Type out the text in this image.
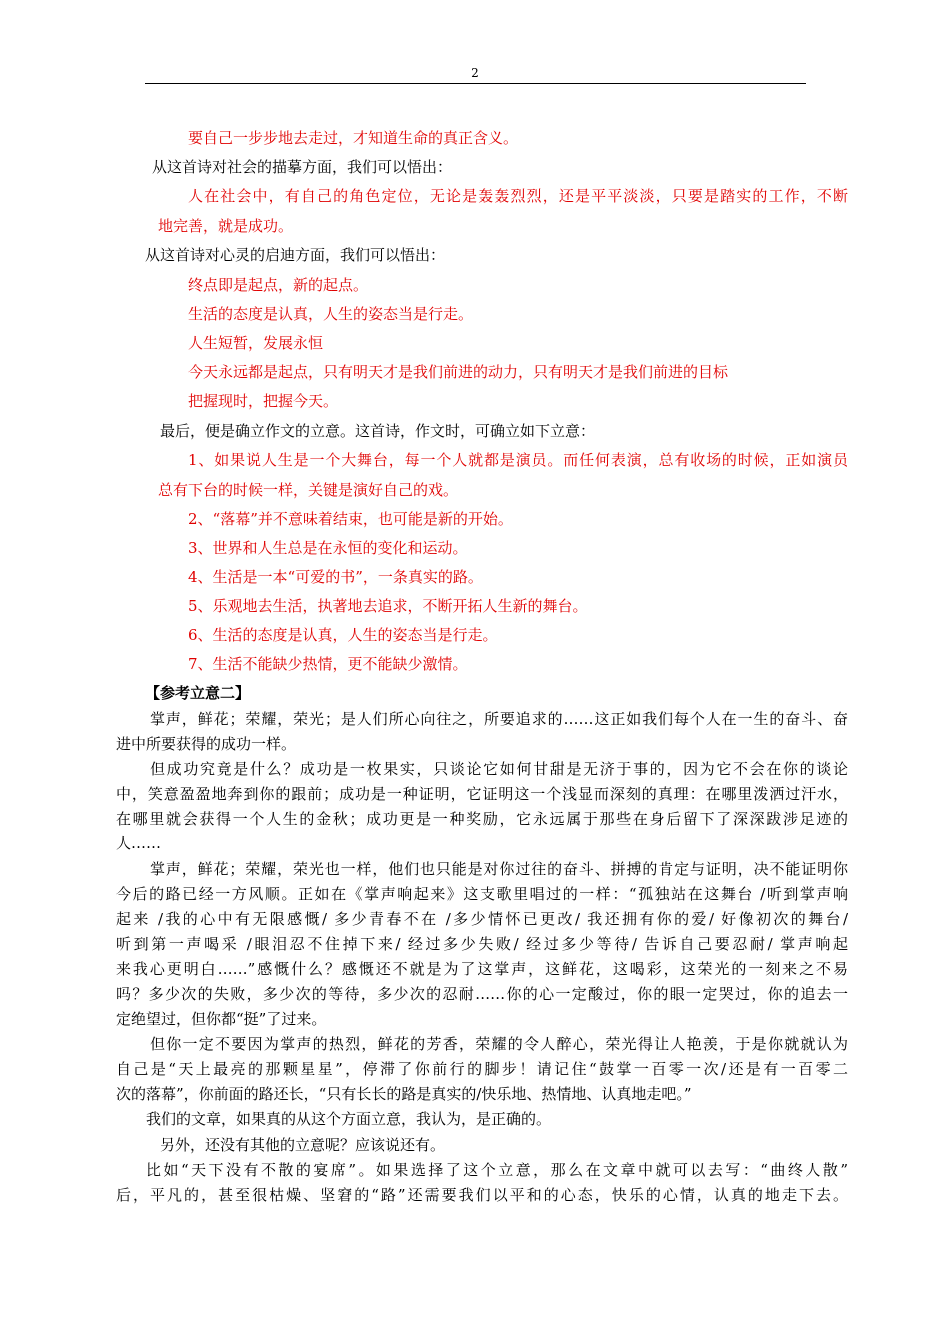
2
要自己一步步地去走过，才知道生命的真正含义。
从这首诗对社会的描摹方面，我们可以悟出：
人在社会中，有自己的角色定位，无论是轰轰烈烈，还是平平淡淡，只要是踏实的工作，不断
地完善，就是成功。
从这首诗对心灵的启迪方面，我们可以悟出：
终点即是起点，新的起点。
生活的态度是认真，人生的姿态当是行走。
人生短暂，发展永恒
今天永远都是起点，只有明天才是我们前进的动力，只有明天才是我们前进的目标
把握现时，把握今天。
最后，便是确立作文的立意。这首诗，作文时，可确立如下立意：
1、如果说人生是一个大舞台，每一个人就都是演员。而任何表演，总有收场的时候，正如演员
总有下台的时候一样，关键是演好自己的戏。
2、“落幕”并不意味着结束，也可能是新的开始。
3、世界和人生总是在永恒的变化和运动。
4、生活是一本“可爱的书”，一条真实的路。
5、乐观地去生活，执著地去追求，不断开拓人生新的舞台。
6、生活的态度是认真，人生的姿态当是行走。
7、生活不能缺少热情，更不能缺少激情。
【参考立意二】
掌声，鲜花；荣耀，荣光；是人们所心向往之，所要追求的……这正如我们每个人在一生的奋斗、奋
进中所要获得的成功一样。
但成功究竟是什么？成功是一枚果实，只谈论它如何甘甜是无济于事的，因为它不会在你的谈论
中，笑意盈盈地奔到你的跟前；成功是一种证明，它证明这一个浅显而深刻的真理：在哪里泼洒过汗水，
在哪里就会获得一个人生的金秋；成功更是一种奖励，它永远属于那些在身后留下了深深跋涉足迹的
人……
掌声，鲜花；荣耀，荣光也一样，他们也只能是对你过往的奋斗、拼搏的肯定与证明，决不能证明你
今后的路已经一方风顺。正如在《掌声响起来》这支歌里唱过的一样：“孤独站在这舞台 /听到掌声响
起来 /我的心中有无限感慨/ 多少青春不在 /多少情怀已更改/ 我还拥有你的爱/ 好像初次的舞台/
听到第一声喝采 /眼泪忍不住掉下来/ 经过多少失败/ 经过多少等待/ 告诉自己要忍耐/ 掌声响起
来我心更明白……”感慨什么？感慨还不就是为了这掌声，这鲜花，这喝彩，这荣光的一刻来之不易
吗？多少次的失败，多少次的等待，多少次的忍耐……你的心一定酸过，你的眼一定哭过，你的追去一
定绝望过，但你都“挺”了过来。
但你一定不要因为掌声的热烈，鲜花的芳香，荣耀的令人醉心，荣光得让人艳羡，于是你就就认为
自己是“天上最亮的那颗星星”，停滞了你前行的脚步！请记住“鼓掌一百零一次/还是有一百零二
次的落幕”，你前面的路还长，“只有长长的路是真实的/快乐地、热情地、认真地走吧。”
我们的文章，如果真的从这个方面立意，我认为，是正确的。
另外，还没有其他的立意呢？应该说还有。
比如“天下没有不散的宴席”。如果选择了这个立意，那么在文章中就可以去写：“曲终人散”
后，平凡的，甚至很枯燥、坚窘的“路”还需要我们以平和的心态，快乐的心情，认真的地走下去。
